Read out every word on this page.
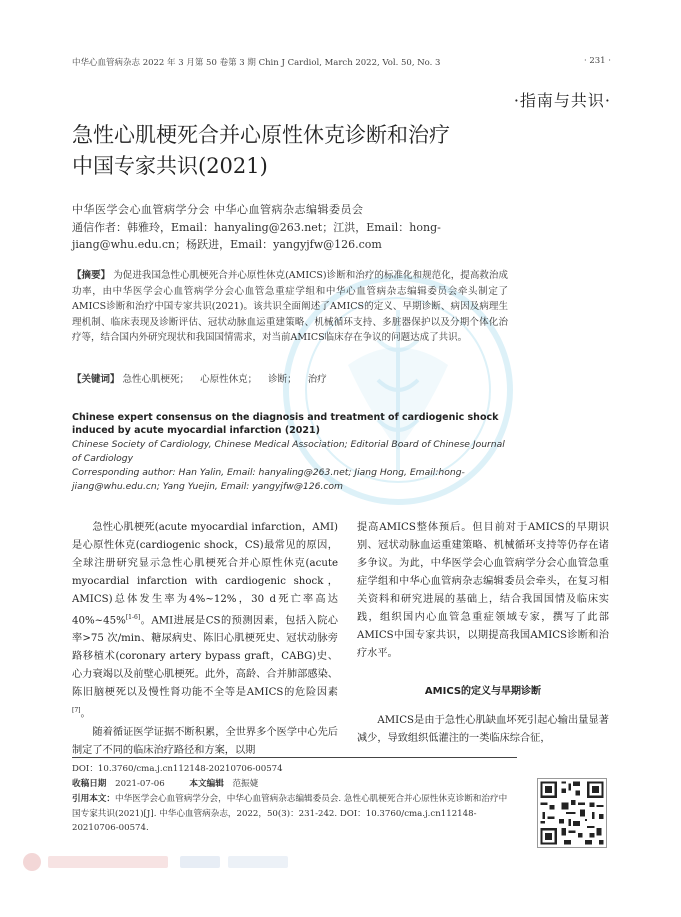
中华心血管病杂志 2022 年 3 月第 50 卷第 3 期 Chin J Cardiol, March 2022, Vol. 50, No. 3	· 231 ·
·指南与共识·
急性心肌梗死合并心原性休克诊断和治疗
中国专家共识(2021)
中华医学会心血管病学分会 中华心血管病杂志编辑委员会
通信作者：韩雅玲，Email：hanyaling@263.net；江洪，Email：hong-jiang@whu.edu.cn；杨跃进，Email：yangyjfw@126.com
【摘要】 为促进我国急性心肌梗死合并心原性休克(AMICS)诊断和治疗的标准化和规范化，提高救治成功率，由中华医学会心血管病学分会心血管急重症学组和中华心血管病杂志编辑委员会牵头制定了AMICS诊断和治疗中国专家共识(2021)。该共识全面阐述了AMICS的定义、早期诊断、病因及病理生理机制、临床表现及诊断评估、冠状动脉血运重建策略、机械循环支持、多脏器保护以及分期个体化治疗等，结合国内外研究现状和我国国情需求，对当前AMICS临床存在争议的问题达成了共识。
【关键词】 急性心肌梗死； 心原性休克； 诊断； 治疗
Chinese expert consensus on the diagnosis and treatment of cardiogenic shock induced by acute myocardial infarction (2021)
Chinese Society of Cardiology, Chinese Medical Association; Editorial Board of Chinese Journal of Cardiology
Corresponding author: Han Yalin, Email: hanyaling@263.net; Jiang Hong, Email:hong-jiang@whu.edu.cn; Yang Yuejin, Email: yangyjfw@126.com

急性心肌梗死(acute myocardial infarction，AMI)是心原性休克(cardiogenic shock，CS)最常见的原因，全球注册研究显示急性心肌梗死合并心原性休克(acute myocardial infarction with cardiogenic shock，AMICS)总体发生率为4%~12%，30 d死亡率高达40%~45%[1-6]。AMI进展是CS的预测因素，包括入院心率>75 次/min、糖尿病史、陈旧心肌梗死史、冠状动脉旁路移植术(coronary artery bypass graft，CABG)史、心力衰竭以及前壁心肌梗死。此外，高龄、合并肺部感染、陈旧脑梗死以及慢性肾功能不全等是AMICS的危险因素[7]。

随着循证医学证据不断积累，全世界多个医学中心先后制定了不同的临床治疗路径和方案，以期

提高AMICS整体预后。但目前对于AMICS的早期识别、冠状动脉血运重建策略、机械循环支持等仍存在诸多争议。为此，中华医学会心血管病学分会心血管急重症学组和中华心血管病杂志编辑委员会牵头，在复习相关资料和研究进展的基础上，结合我国国情及临床实践，组织国内心血管急重症领域专家，撰写了此部AMICS中国专家共识，以期提高我国AMICS诊断和治疗水平。

AMICS的定义与早期诊断

AMICS是由于急性心肌缺血坏死引起心输出量显著减少，导致组织低灌注的一类临床综合征，

DOI：10.3760/cma.j.cn112148-20210706-00574
收稿日期 2021-07-06	本文编辑 范振婕
引用本文：中华医学会心血管病学分会，中华心血管病杂志编辑委员会. 急性心肌梗死合并心原性休克诊断和治疗中国专家共识(2021)[J]. 中华心血管病杂志，2022，50(3)：231-242. DOI：10.3760/cma.j.cn112148-20210706-00574.
